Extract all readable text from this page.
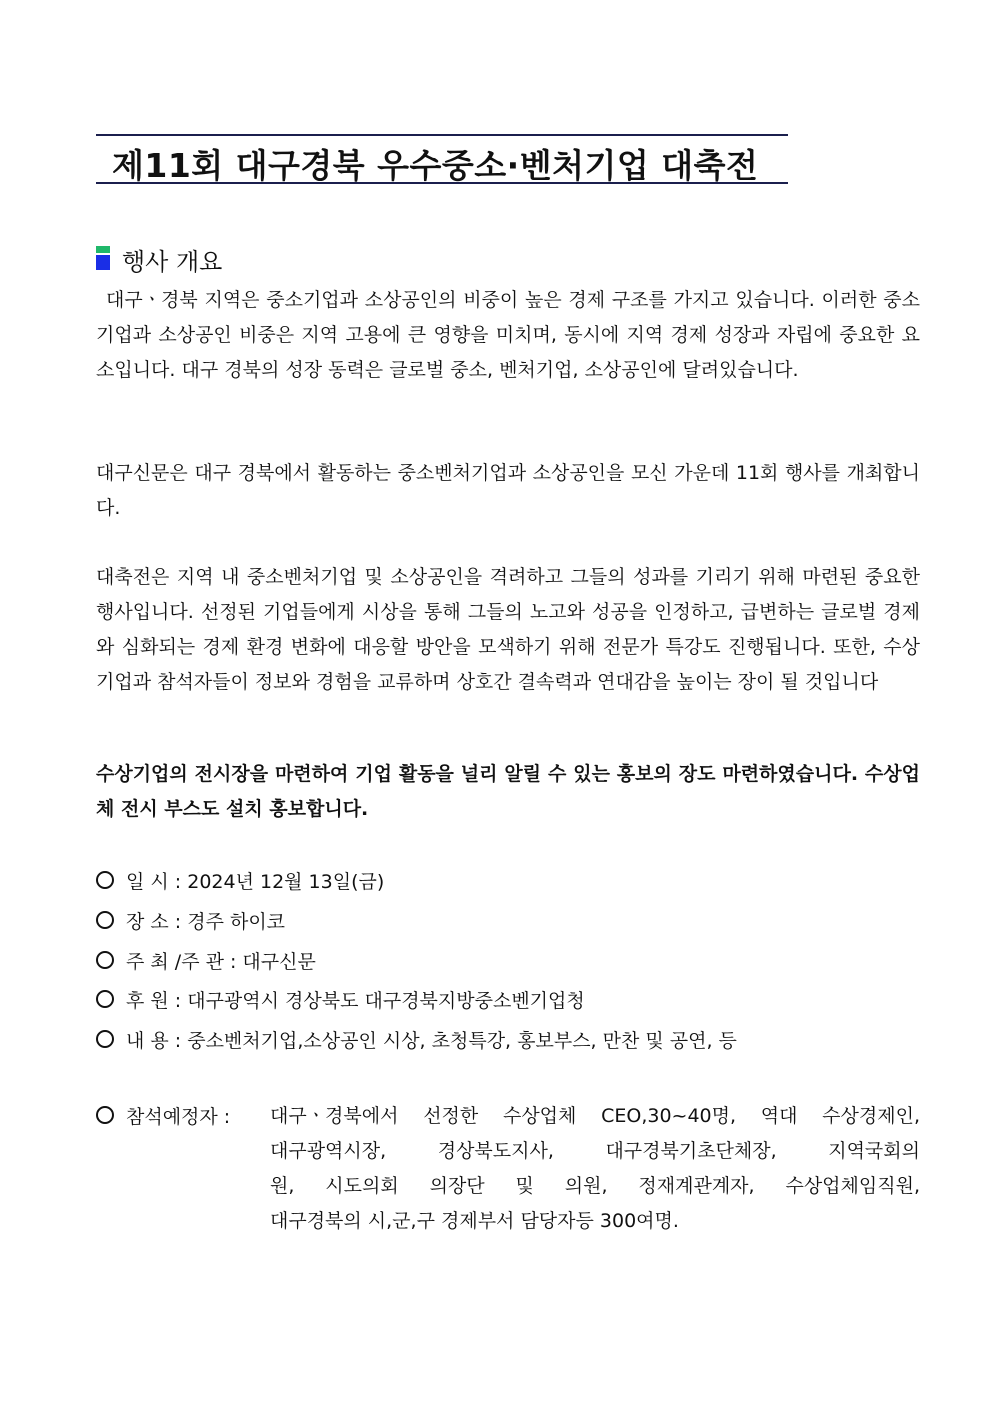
제11회 대구경북 우수중소·벤처기업 대축전
행사 개요

대구ㆍ경북 지역은 중소기업과 소상공인의 비중이 높은 경제 구조를 가지고 있습니다. 이러한 중소기업과 소상공인 비중은 지역 고용에 큰 영향을 미치며, 동시에 지역 경제 성장과 자립에 중요한 요소입니다. 대구 경북의 성장 동력은 글로벌 중소, 벤처기업, 소상공인에 달려있습니다.

대구신문은 대구 경북에서 활동하는 중소벤처기업과 소상공인을 모신 가운데 11회 행사를 개최합니다.

대축전은 지역 내 중소벤처기업 및 소상공인을 격려하고 그들의 성과를 기리기 위해 마련된 중요한 행사입니다. 선정된 기업들에게 시상을 통해 그들의 노고와 성공을 인정하고, 급변하는 글로벌 경제와 심화되는 경제 환경 변화에 대응할 방안을 모색하기 위해 전문가 특강도 진행됩니다. 또한, 수상 기업과 참석자들이 정보와 경험을 교류하며 상호간 결속력과 연대감을 높이는 장이 될 것입니다

수상기업의 전시장을 마련하여 기업 활동을 널리 알릴 수 있는 홍보의 장도 마련하였습니다. 수상업체 전시 부스도 설치 홍보합니다.

일 시 : 2024년 12월 13일(금)
장 소 : 경주 하이코
주 최 /주 관 : 대구신문
후 원 : 대구광역시 경상북도 대구경북지방중소벤기업청
내 용 : 중소벤처기업,소상공인 시상, 초청특강, 홍보부스, 만찬 및 공연, 등
참석예정자 : 대구ㆍ경북에서 선정한 수상업체 CEO,30~40명, 역대 수상경제인,
대구광역시장, 경상북도지사, 대구경북기초단체장, 지역국회의
원, 시도의회 의장단 및 의원, 정재계관계자, 수상업체임직원,
대구경북의 시,군,구 경제부서 담당자등 300여명.
